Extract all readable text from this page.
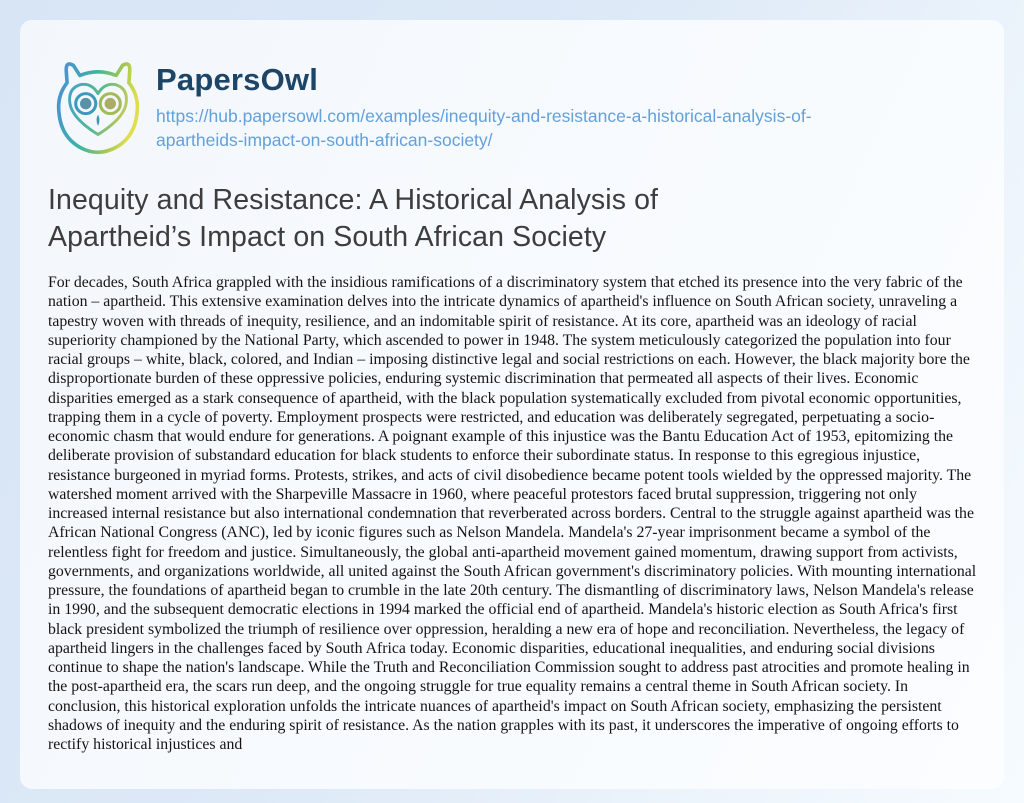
PapersOwl
https://hub.papersowl.com/examples/inequity-and-resistance-a-historical-analysis-of-apartheids-impact-on-south-african-society/
Inequity and Resistance: A Historical Analysis of Apartheid’s Impact on South African Society

For decades, South Africa grappled with the insidious ramifications of a discriminatory system that etched its presence into the very fabric of the nation – apartheid. This extensive examination delves into the intricate dynamics of apartheid's influence on South African society, unraveling a tapestry woven with threads of inequity, resilience, and an indomitable spirit of resistance. At its core, apartheid was an ideology of racial superiority championed by the National Party, which ascended to power in 1948. The system meticulously categorized the population into four racial groups – white, black, colored, and Indian – imposing distinctive legal and social restrictions on each. However, the black majority bore the disproportionate burden of these oppressive policies, enduring systemic discrimination that permeated all aspects of their lives. Economic disparities emerged as a stark consequence of apartheid, with the black population systematically excluded from pivotal economic opportunities, trapping them in a cycle of poverty. Employment prospects were restricted, and education was deliberately segregated, perpetuating a socio-economic chasm that would endure for generations. A poignant example of this injustice was the Bantu Education Act of 1953, epitomizing the deliberate provision of substandard education for black students to enforce their subordinate status. In response to this egregious injustice, resistance burgeoned in myriad forms. Protests, strikes, and acts of civil disobedience became potent tools wielded by the oppressed majority. The watershed moment arrived with the Sharpeville Massacre in 1960, where peaceful protestors faced brutal suppression, triggering not only increased internal resistance but also international condemnation that reverberated across borders. Central to the struggle against apartheid was the African National Congress (ANC), led by iconic figures such as Nelson Mandela. Mandela's 27-year imprisonment became a symbol of the relentless fight for freedom and justice. Simultaneously, the global anti-apartheid movement gained momentum, drawing support from activists, governments, and organizations worldwide, all united against the South African government's discriminatory policies. With mounting international pressure, the foundations of apartheid began to crumble in the late 20th century. The dismantling of discriminatory laws, Nelson Mandela's release in 1990, and the subsequent democratic elections in 1994 marked the official end of apartheid. Mandela's historic election as South Africa's first black president symbolized the triumph of resilience over oppression, heralding a new era of hope and reconciliation. Nevertheless, the legacy of apartheid lingers in the challenges faced by South Africa today. Economic disparities, educational inequalities, and enduring social divisions continue to shape the nation's landscape. While the Truth and Reconciliation Commission sought to address past atrocities and promote healing in the post-apartheid era, the scars run deep, and the ongoing struggle for true equality remains a central theme in South African society. In conclusion, this historical exploration unfolds the intricate nuances of apartheid's impact on South African society, emphasizing the persistent shadows of inequity and the enduring spirit of resistance. As the nation grapples with its past, it underscores the imperative of ongoing efforts to rectify historical injustices and
